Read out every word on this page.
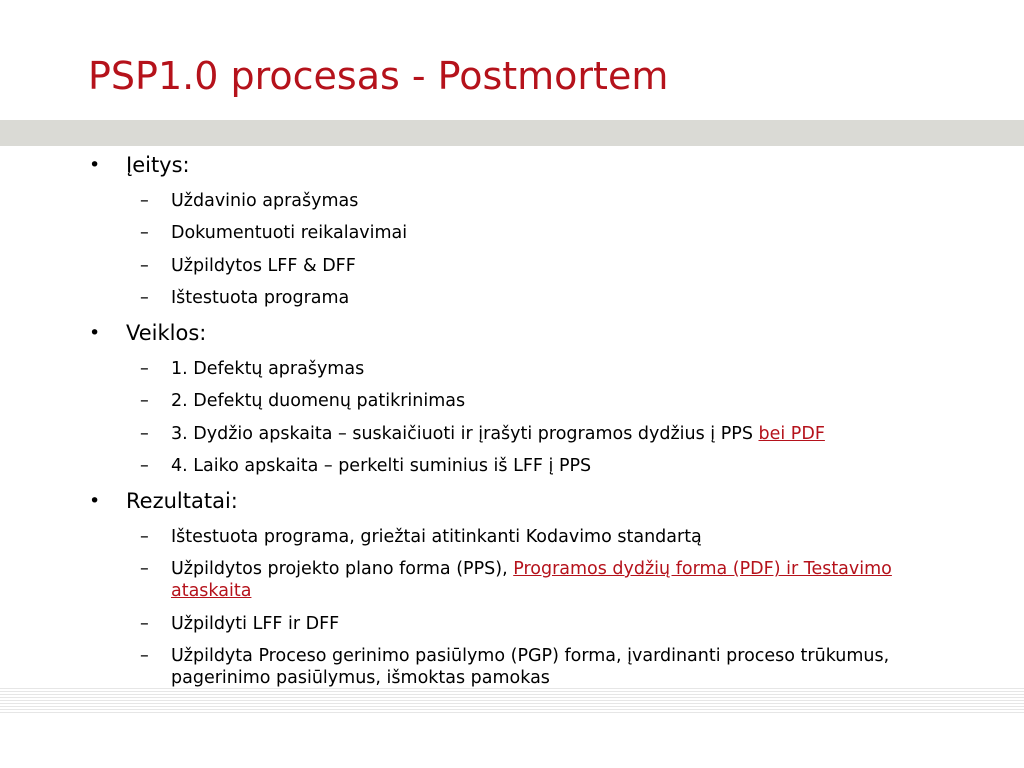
PSP1.0 procesas - Postmortem
• Įeitys:
– Uždavinio aprašymas
– Dokumentuoti reikalavimai
– Užpildytos LFF & DFF
– Ištestuota programa
• Veiklos:
– 1. Defektų aprašymas
– 2. Defektų duomenų patikrinimas
– 3. Dydžio apskaita – suskaičiuoti ir įrašyti programos dydžius į PPS bei PDF
– 4. Laiko apskaita – perkelti suminius iš LFF į PPS
• Rezultatai:
– Ištestuota programa, griežtai atitinkanti Kodavimo standartą
– Užpildytos projekto plano forma (PPS), Programos dydžių forma (PDF) ir Testavimo ataskaita
– Užpildyti LFF ir DFF
– Užpildyta Proceso gerinimo pasiūlymo (PGP) forma, įvardinanti proceso trūkumus, pagerinimo pasiūlymus, išmoktas pamokas
